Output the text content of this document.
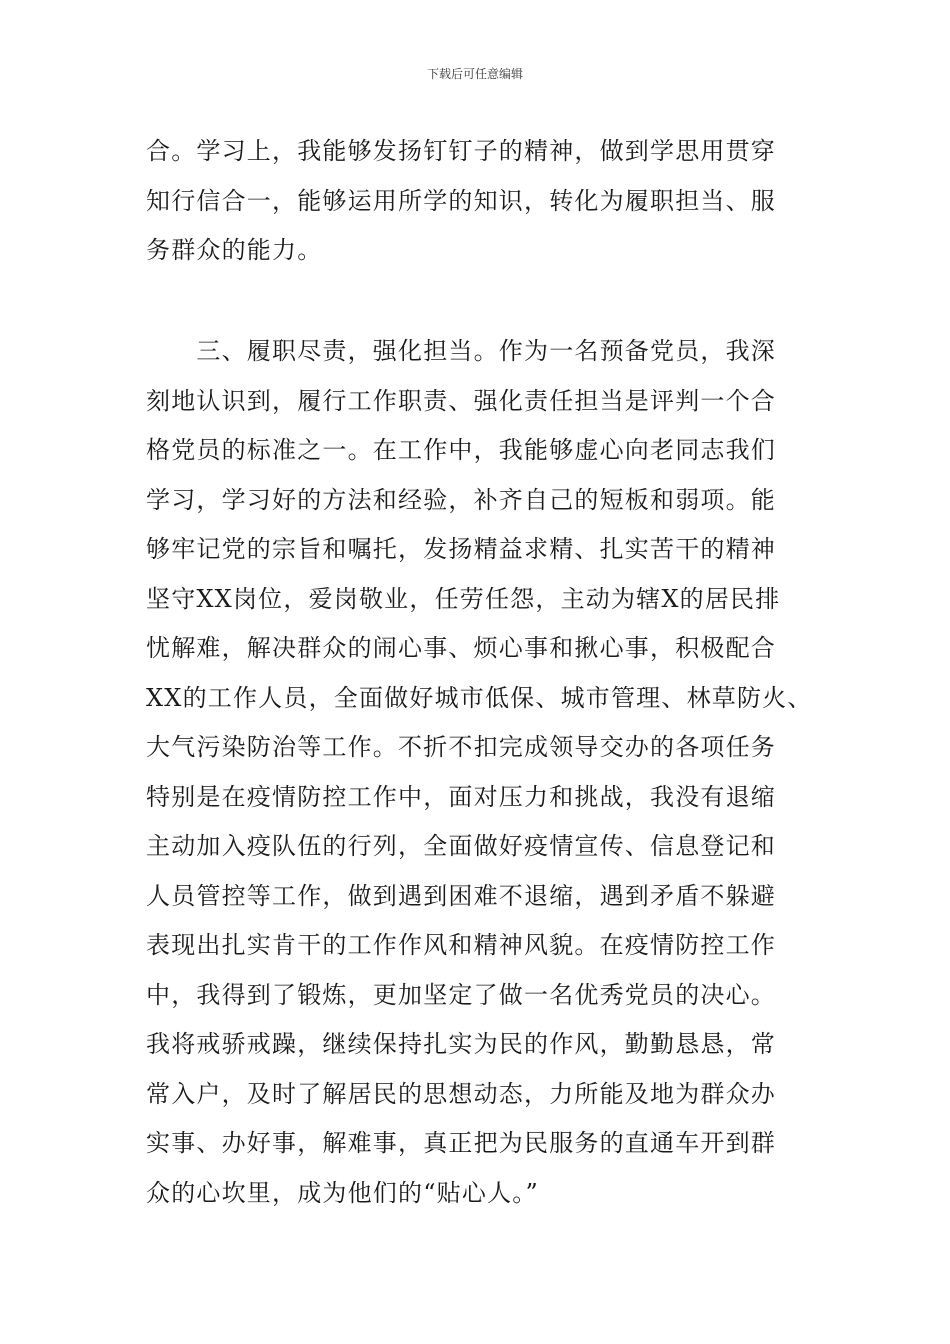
下载后可任意编辑
合。学习上，我能够发扬钉钉子的精神，做到学思用贯穿
知行信合一，能够运用所学的知识，转化为履职担当、服
务群众的能力。
　　三、履职尽责，强化担当。作为一名预备党员，我深
刻地认识到，履行工作职责、强化责任担当是评判一个合
格党员的标准之一。在工作中，我能够虚心向老同志我们
学习，学习好的方法和经验，补齐自己的短板和弱项。能
够牢记党的宗旨和嘱托，发扬精益求精、扎实苦干的精神
坚守XX岗位，爱岗敬业，任劳任怨，主动为辖X的居民排
忧解难，解决群众的闹心事、烦心事和揪心事，积极配合
XX的工作人员，全面做好城市低保、城市管理、林草防火、
大气污染防治等工作。不折不扣完成领导交办的各项任务
特别是在疫情防控工作中，面对压力和挑战，我没有退缩
主动加入疫队伍的行列，全面做好疫情宣传、信息登记和
人员管控等工作，做到遇到困难不退缩，遇到矛盾不躲避
表现出扎实肯干的工作作风和精神风貌。在疫情防控工作
中，我得到了锻炼，更加坚定了做一名优秀党员的决心。
我将戒骄戒躁，继续保持扎实为民的作风，勤勤恳恳，常
常入户，及时了解居民的思想动态，力所能及地为群众办
实事、办好事，解难事，真正把为民服务的直通车开到群
众的心坎里，成为他们的“贴心人。”
